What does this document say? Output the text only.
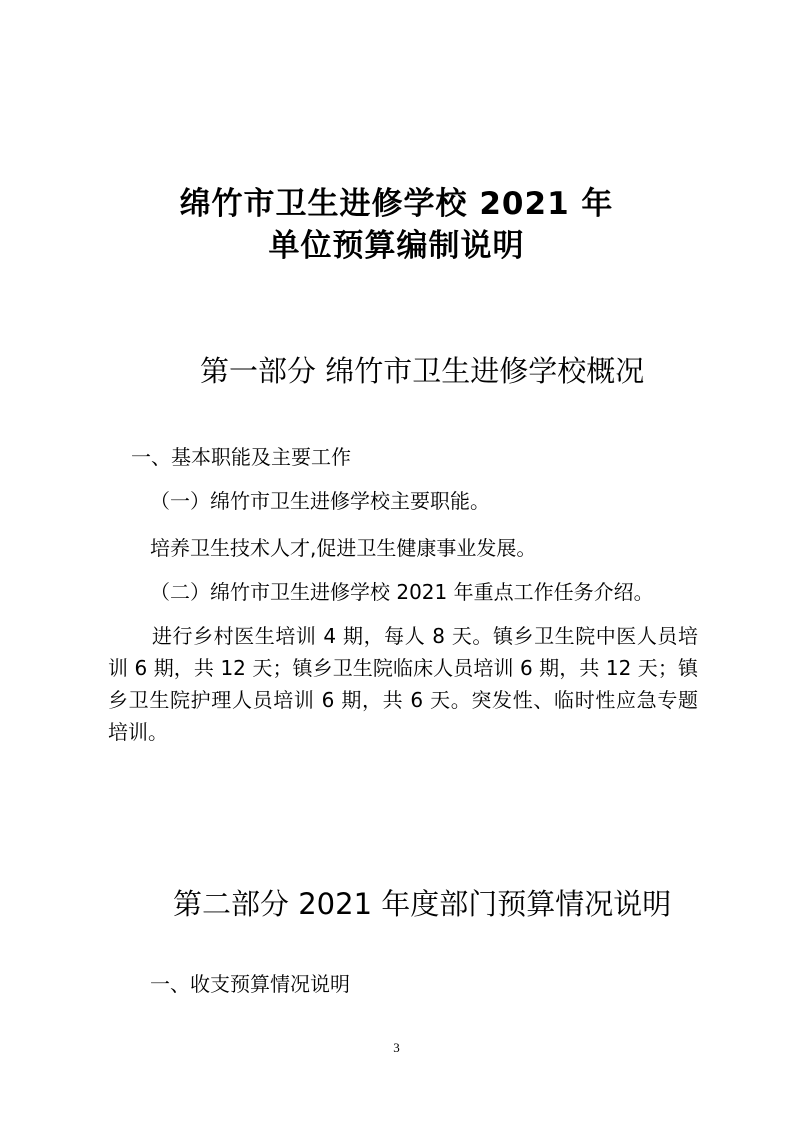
绵竹市卫生进修学校 2021 年
单位预算编制说明
第一部分 绵竹市卫生进修学校概况
一、基本职能及主要工作
（一）绵竹市卫生进修学校主要职能。
培养卫生技术人才,促进卫生健康事业发展。
（二）绵竹市卫生进修学校 2021 年重点工作任务介绍。
进行乡村医生培训 4 期，每人 8 天。镇乡卫生院中医人员培训 6 期，共 12 天；镇乡卫生院临床人员培训 6 期，共 12 天；镇乡卫生院护理人员培训 6 期，共 6 天。突发性、临时性应急专题培训。
第二部分 2021 年度部门预算情况说明
一、收支预算情况说明
3
